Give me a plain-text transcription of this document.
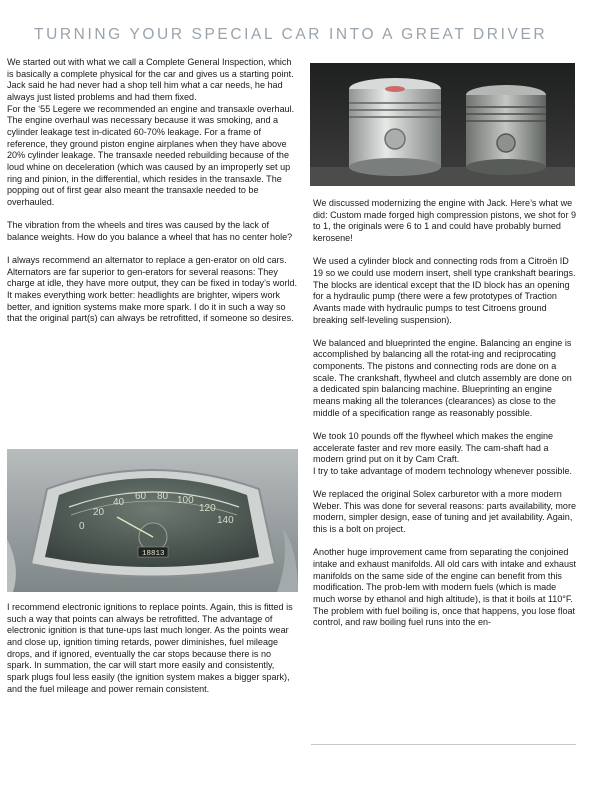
TURNING YOUR SPECIAL CAR INTO A GREAT DRIVER

We started out with what we call a Complete General Inspection, which is basically a complete physical for the car and gives us a starting point. Jack said he had never had a shop tell him what a car needs, he had always just listed problems and had them fixed.

For the ‘55 Legere we recommended an engine and transaxle overhaul. The engine overhaul was necessary because it was smoking, and a cylinder leakage test in-dicated 60-70% leakage. For a frame of reference, they ground piston engine airplanes when they have above 20% cylinder leakage. The transaxle needed rebuilding because of the loud whine on deceleration (which was caused by an improperly set up ring and pinion, in the differential, which resides in the transaxle. The popping out of first gear also meant the transaxle needed to be overhauled.

The vibration from the wheels and tires was caused by the lack of balance weights. How do you balance a wheel that has no center hole?

I always recommend an alternator to replace a gen-erator on old cars. Alternators are far superior to gen-erators for several reasons: They charge at idle, they have more output, they can be fixed in today’s world. It makes everything work better: headlights are brighter, wipers work better, and ignition systems make more spark. I do it in such a way so that the original part(s) can always be retrofitted, if someone so desires.

0
20
40
60 80 100
120
140
18813

I recommend electronic ignitions to replace points. Again, this is fitted is such a way that points can always be retrofitted. The advantage of electronic ignition is that tune-ups last much longer. As the points wear and close up, ignition timing retards, power diminishes, fuel mileage drops, and if ignored, eventually the car stops because there is no spark. In summation, the car will start more easily and consistently, spark plugs foul less easily (the ignition system makes a bigger spark), and the fuel mileage and power remain consistent.

We discussed modernizing the engine with Jack. Here’s what we did: Custom made forged high compression pistons, we shot for 9 to 1, the originals were 6 to 1 and could have probably burned kerosene!

We used a cylinder block and connecting rods from a Citroën ID 19 so we could use modern insert, shell type crankshaft bearings. The blocks are identical except that the ID block has an opening for a hydraulic pump (there were a few prototypes of Traction Avants made with hydraulic pumps to test Citroens ground breaking self-leveling suspension).

We balanced and blueprinted the engine. Balancing an engine is accomplished by balancing all the rotat-ing and reciprocating components. The pistons and connecting rods are done on a scale. The crankshaft, flywheel and clutch assembly are done on a dedicated spin balancing machine. Blueprinting an engine means making all the tolerances (clearances) as close to the middle of a specification range as reasonably possible.

We took 10 pounds off the flywheel which makes the engine accelerate faster and rev more easily. The cam-shaft had a modern grind put on it by Cam Craft.

I try to take advantage of modern technology whenever possible.

We replaced the original Solex carburetor with a more modern Weber. This was done for several reasons: parts availability, more modern, simpler design, ease of tuning and jet availability. Again, this is a bolt on project.

Another huge improvement came from separating the conjoined intake and exhaust manifolds. All old cars with intake and exhaust manifolds on the same side of the engine can benefit from this modification. The prob-lem with modern fuels (which is made much worse by ethanol and high altitude), is that it boils at 110°F. The problem with fuel boiling is, once that happens, you lose float control, and raw boiling fuel runs into the en-
